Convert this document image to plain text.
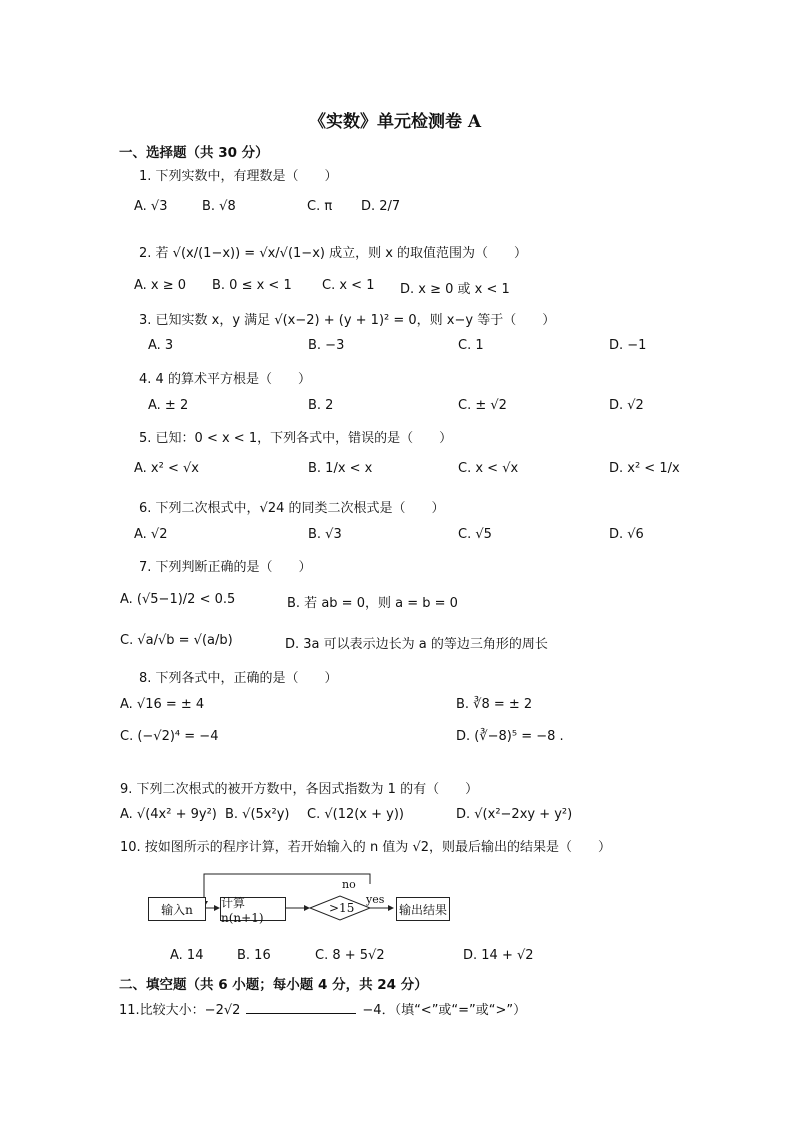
《实数》单元检测卷 A
一、选择题（共 30 分）
1. 下列实数中，有理数是（　　）
A. √3	B. √8	C. π D. 2/7
2. 若 √(x/(1−x)) = √x/√(1−x) 成立，则 x 的取值范围为（　　）
A. x ≥ 0 B. 0 ≤ x < 1 C. x < 1 D. x ≥ 0 或 x < 1
3. 已知实数 x，y 满足 √(x−2) + (y + 1)² = 0，则 x−y 等于（　　）
A. 3	B. −3	C. 1	D. −1
4. 4 的算术平方根是（　　）
A. ± 2	B. 2	C. ± √2	D. √2
5. 已知：0 < x < 1，下列各式中，错误的是（　　）
A. x² < √x	B. 1/x < x	C. x < √x	D. x² < 1/x
6. 下列二次根式中，√24 的同类二次根式是（　　）
A. √2	B. √3	C. √5	D. √6
7. 下列判断正确的是（　　）
A. (√5−1)/2 < 0.5	B. 若 ab = 0，则 a = b = 0
C. √a/√b = √(a/b)	D. 3a 可以表示边长为 a 的等边三角形的周长
8. 下列各式中，正确的是（　　）
A. √16 = ± 4	B. ∛8 = ± 2
C. (−√2)⁴ = −4	D. (∛−8)⁵ = −8 .
9. 下列二次根式的被开方数中，各因式指数为 1 的有（　　）
A. √(4x² + 9y²) B. √(5x²y) C. √(12(x + y))	D. √(x²−2xy + y²)
10. 按如图所示的程序计算，若开始输入的 n 值为 √2，则最后输出的结果是（　　）
输入n	计算n(n+1)
>15
no
yes
输出结果
A. 14	B. 16	C. 8 + 5√2	D. 14 + √2
二、填空题（共 6 小题；每小题 4 分，共 24 分）
11.比较大小：−2√2	−4．（填“<”或“=”或“>”）
